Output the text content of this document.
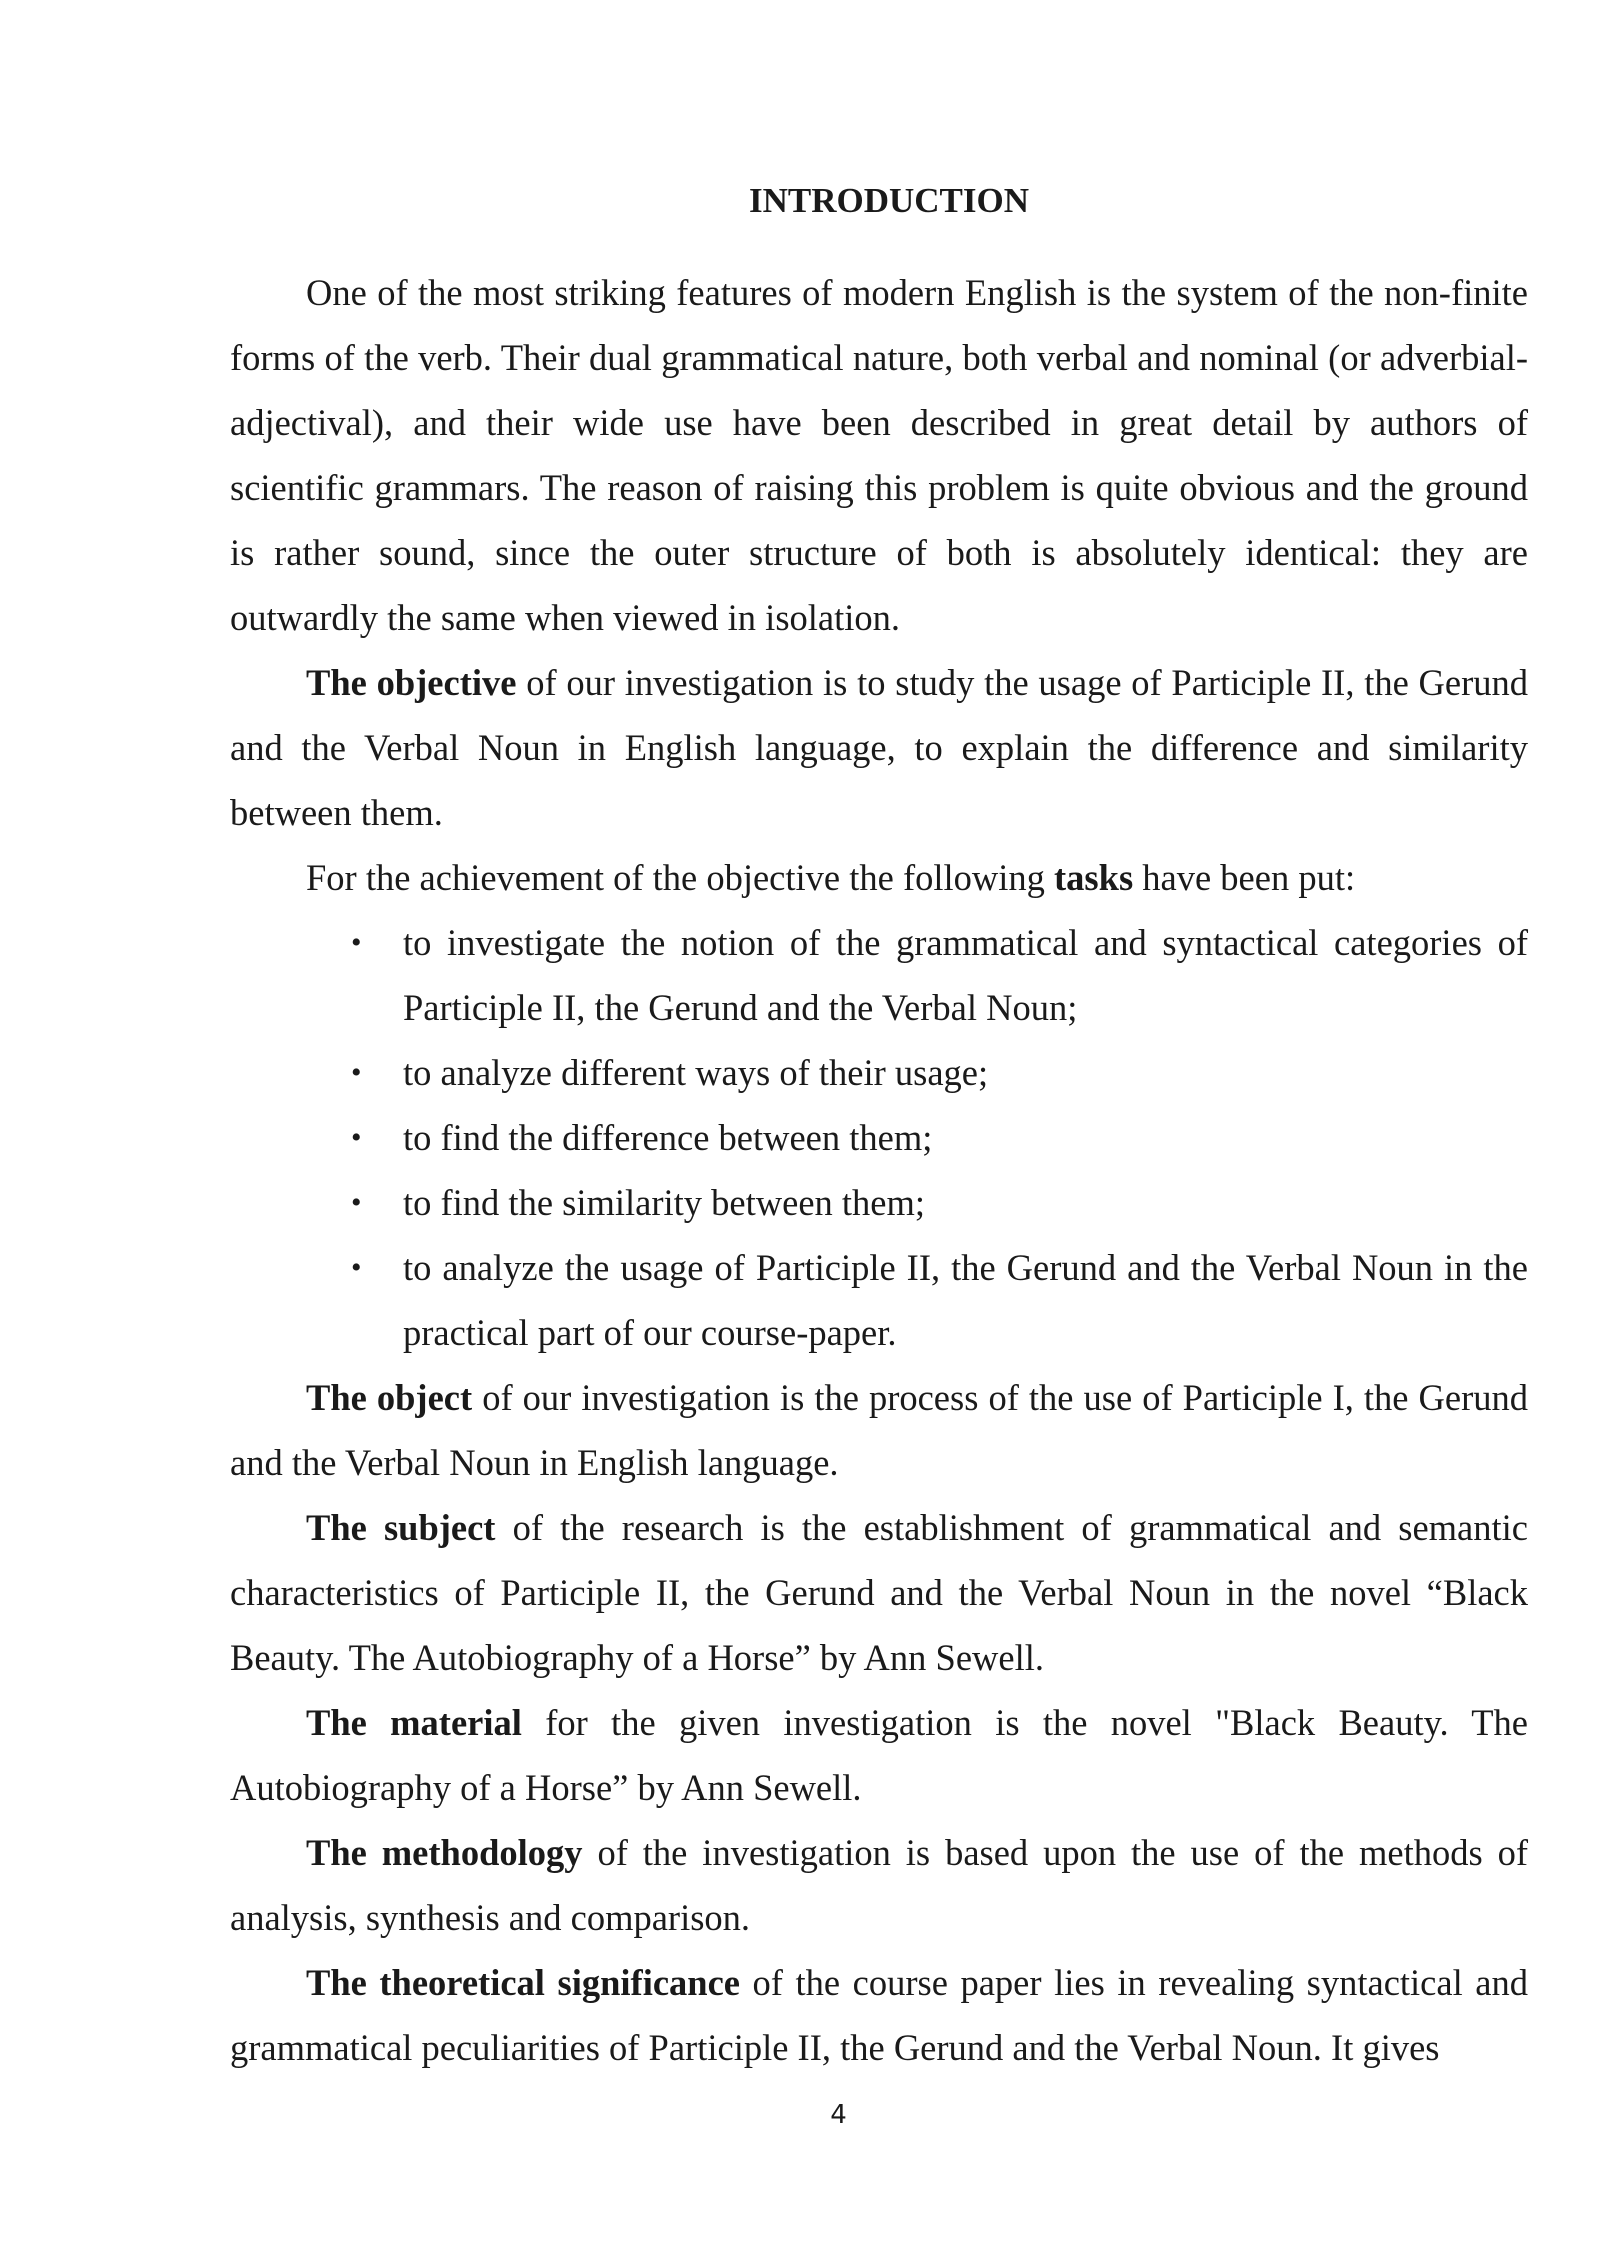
INTRODUCTION

One of the most striking features of modern English is the system of the non-finite forms of the verb. Their dual grammatical nature, both verbal and nominal (or adverbial-adjectival), and their wide use have been described in great detail by authors of scientific grammars. The reason of raising this problem is quite obvious and the ground is rather sound, since the outer structure of both is absolutely identical: they are outwardly the same when viewed in isolation.

The objective of our investigation is to study the usage of Participle II, the Gerund and the Verbal Noun in English language, to explain the difference and similarity between them.

For the achievement of the objective the following tasks have been put:

• to investigate the notion of the grammatical and syntactical categories of Participle II, the Gerund and the Verbal Noun;
• to analyze different ways of their usage;
• to find the difference between them;
• to find the similarity between them;
• to analyze the usage of Participle II, the Gerund and the Verbal Noun in the practical part of our course-paper.

The object of our investigation is the process of the use of Participle I, the Gerund and the Verbal Noun in English language.

The subject of the research is the establishment of grammatical and semantic characteristics of Participle II, the Gerund and the Verbal Noun in the novel “Black Beauty. The Autobiography of a Horse” by Ann Sewell.

The material for the given investigation is the novel "Black Beauty. The Autobiography of a Horse” by Ann Sewell.

The methodology of the investigation is based upon the use of the methods of analysis, synthesis and comparison.

The theoretical significance of the course paper lies in revealing syntactical and grammatical peculiarities of Participle II, the Gerund and the Verbal Noun. It gives

4
